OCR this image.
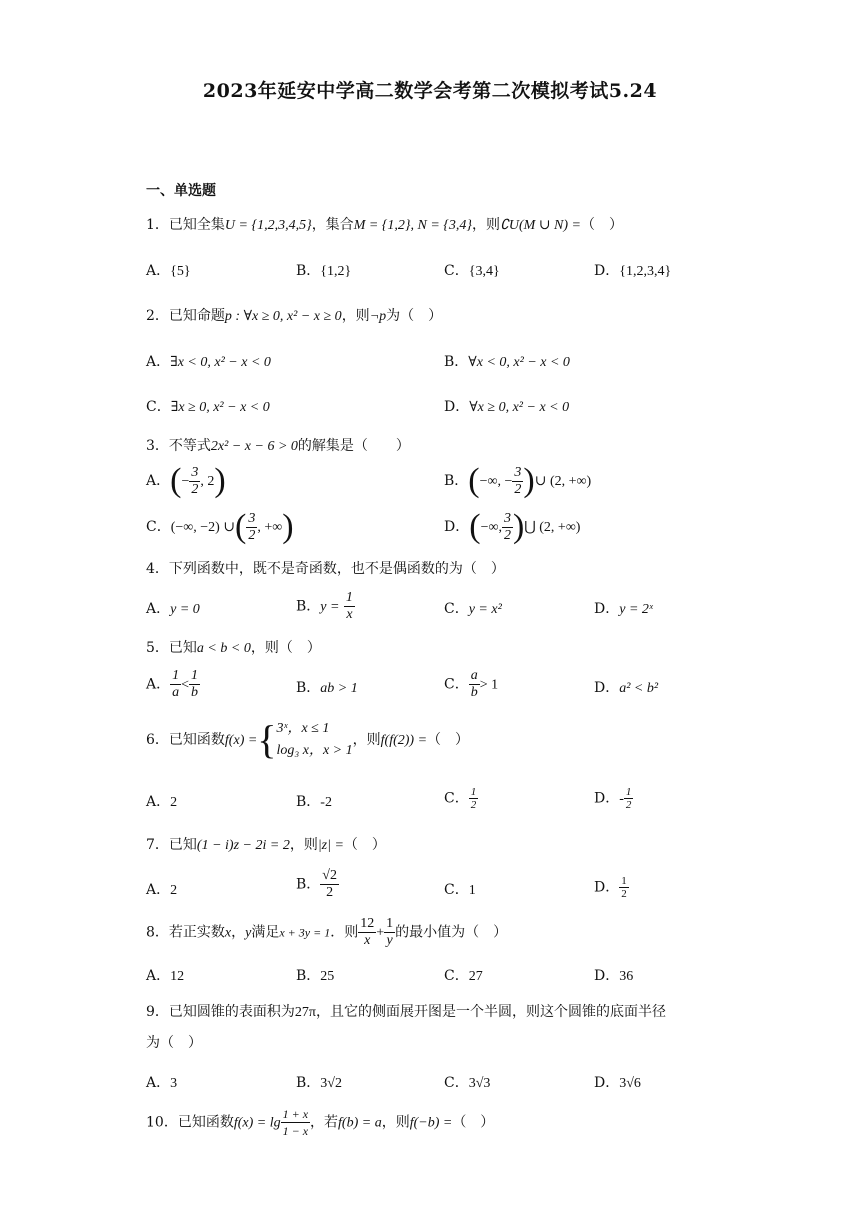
2023年延安中学高二数学会考第二次模拟考试5.24
一、单选题
1．已知全集U = {1,2,3,4,5}，集合M = {1,2}, N = {3,4}，则∁U(M ∪ N) =（　）
A．{5}	B．{1,2}	C．{3,4}	D．{1,2,3,4}
2．已知命题p : ∀x ≥ 0, x² − x ≥ 0，则¬p为（　）
A．∃x < 0, x² − x < 0	B．∀x < 0, x² − x < 0
C．∃x ≥ 0, x² − x < 0	D．∀x ≥ 0, x² − x < 0
3．不等式2x² − x − 6 > 0的解集是（　　）
A．(− $\frac{3}{2}$ , 2)	B．(−∞, − $\frac{3}{2}$ )∪ (2, +∞)
C．(−∞, −2) ∪( $\frac{3}{2}$ , +∞)	D．(−∞, $\frac{3}{2}$ )⋃ (2, +∞)
4．下列函数中，既不是奇函数，也不是偶函数的为（　）
A．y = 0	B．$y = \frac{1}{x}$	C．y = x²	D．y = 2ˣ
5．已知a < b < 0，则（　）
A． $\frac{1}{a} < \frac{1}{b}$	B．ab > 1	C． $\frac{a}{b} > 1$	D．a² < b²
6．已知函数f(x) ={ 3ˣ，x ≤ 1
log₃ x，x > 1
，则f(f(2)) =（　）
A．2	B．-2	C． $\frac{1}{2}$	D．- $\frac{1}{2}$
7．已知(1 − i)z − 2i = 2，则|z| =（　）
A．2	B． $\frac{√2}{2}$	C．1	D． $\frac{1}{2}$
8．若正实数x，y满足x + 3y = 1．则 $\frac{12}{x} + \frac{1}{y}$ 的最小值为（　）
A．12	B．25	C．27	D．36
9．已知圆锥的表面积为27π，且它的侧面展开图是一个半圆，则这个圆锥的底面半径
为（　）
A．3	B．3√2	C．3√3	D．3√6
10．已知函数$f(x) = \lg \frac{1 + x}{1 - x}$ ，若f(b) = a，则f(−b) =（　）
